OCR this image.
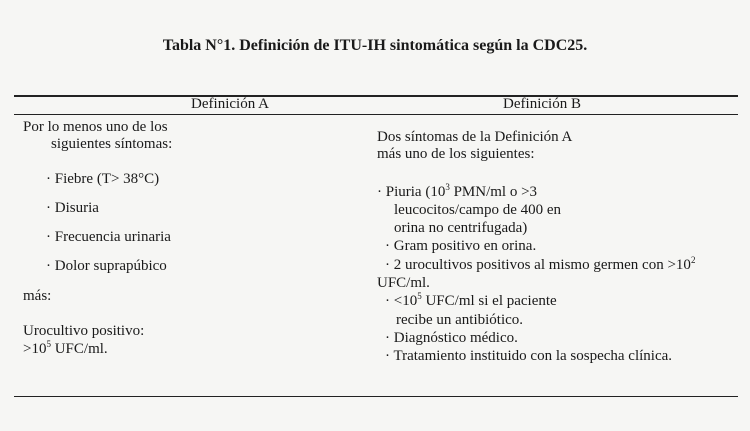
Tabla N°1. Definición de ITU-IH sintomática según la CDC25.
Definición A	Definición B
Por lo menos uno de los
siguientes síntomas:
· Fiebre (T> 38°C)
· Disuria
· Frecuencia urinaria
· Dolor suprapúbico
más:
Urocultivo positivo:
$>10^5$ UFC/ml.
Dos síntomas de la Definición A
más uno de los siguientes:
· Piuria ($10^3$ PMN/ml o >3
leucocitos/campo de 400 en
orina no centrifugada)
· Gram positivo en orina.
· 2 urocultivos positivos al mismo germen con $>10^2$
UFC/ml.
· $<10^5$ UFC/ml si el paciente
recibe un antibiótico.
· Diagnóstico médico.
· Tratamiento instituido con la sospecha clínica.
